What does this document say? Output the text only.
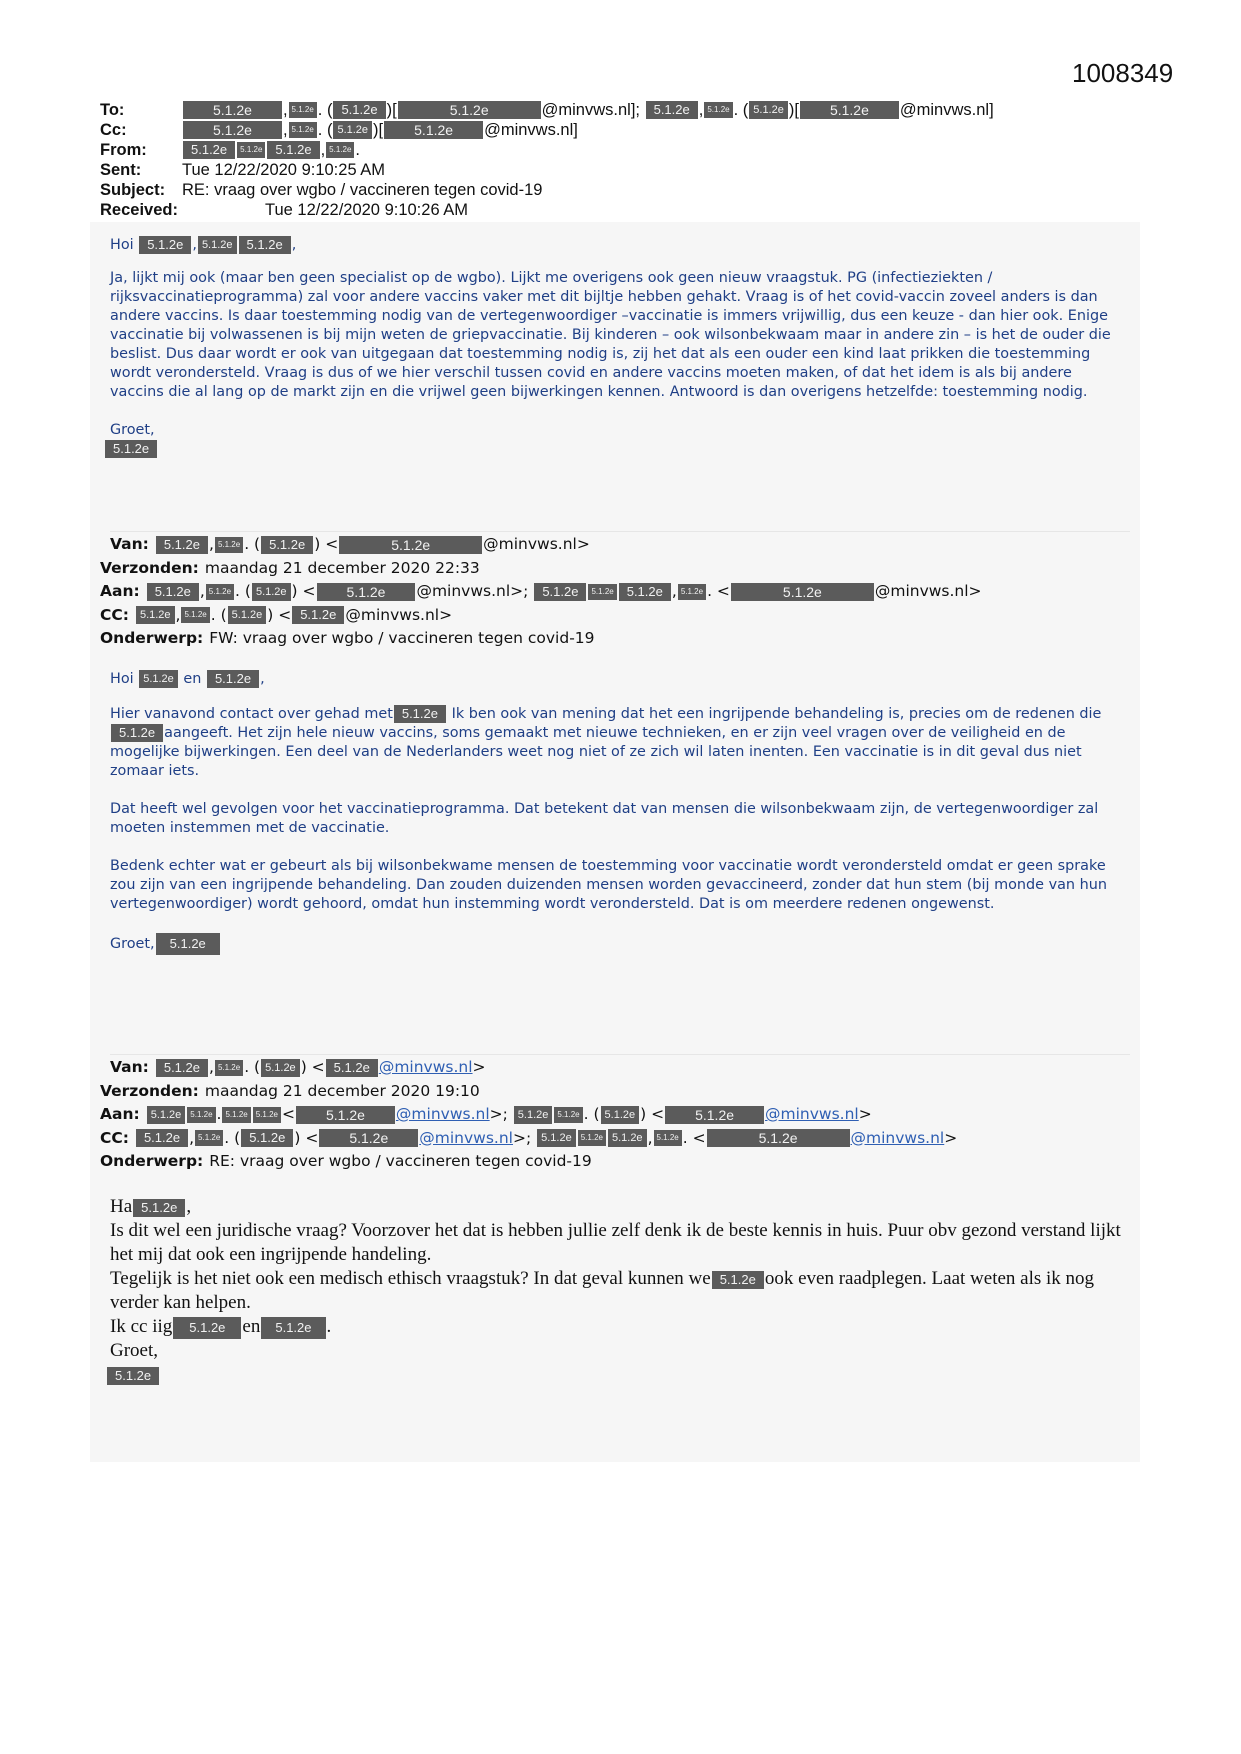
1008349
To:	5.1.2e	, 5.1.2e . ( 5.1.2e )[	5.1.2e	@minvws.nl];
	5.1.2e , 5.1.2e . ( 5.1.2e )[	5.1.2e	@minvws.nl]
Cc:	5.1.2e	, 5.1.2e . ( 5.1.2e )[	5.1.2e	@minvws.nl]
From:	5.1.2e	5.1.2e	5.1.2e , 5.1.2e .
Sent:	Tue 12/22/2020 9:10:25 AM
Subject:	RE: vraag over wgbo / vaccineren tegen covid-19
Received:	Tue 12/22/2020 9:10:26 AM

Hoi 5.1.2e , 5.1.2e 5.1.2e ,

Ja, lijkt mij ook (maar ben geen specialist op de wgbo). Lijkt me overigens ook geen nieuw vraagstuk. PG (infectieziekten / rijksvaccinatieprogramma) zal voor andere vaccins vaker met dit bijltje hebben gehakt. Vraag is of het covid-vaccin zoveel anders is dan andere vaccins. Is daar toestemming nodig van de vertegenwoordiger –vaccinatie is immers vrijwillig, dus een keuze - dan hier ook. Enige vaccinatie bij volwassenen is bij mijn weten de griepvaccinatie. Bij kinderen – ook wilsonbekwaam maar in andere zin – is het de ouder die beslist. Dus daar wordt er ook van uitgegaan dat toestemming nodig is, zij het dat als een ouder een kind laat prikken die toestemming wordt verondersteld. Vraag is dus of we hier verschil tussen covid en andere vaccins moeten maken, of dat het idem is als bij andere vaccins die al lang op de markt zijn en die vrijwel geen bijwerkingen kennen. Antwoord is dan overigens hetzelfde: toestemming nodig.

Groet,

5.1.2e

Van:	5.1.2e , 5.1.2e . ( 5.1.2e ) <	5.1.2e	@minvws.nl>
Verzonden: maandag 21 december 2020 22:33
Aan:	5.1.2e , 5.1.2e . ( 5.1.2e ) <	5.1.2e	@minvws.nl>;
	5.1.2e	5.1.2e	5.1.2e , 5.1.2e . <	5.1.2e	@minvws.nl>
CC:	5.1.2e , 5.1.2e . ( 5.1.2e ) < 5.1.2e @minvws.nl>
Onderwerp: FW: vraag over wgbo / vaccineren tegen covid-19

Hoi 5.1.2e en 5.1.2e ,

Hier vanavond contact over gehad met 5.1.2e Ik ben ook van mening dat het een ingrijpende behandeling is, precies om de redenen die5.1.2e aangeeft. Het zijn hele nieuw vaccins, soms gemaakt met nieuwe technieken, en er zijn veel vragen over de veiligheid en de mogelijke bijwerkingen. Een deel van de Nederlanders weet nog niet of ze zich wil laten inenten. Een vaccinatie is in dit geval dus niet zomaar iets.

Dat heeft wel gevolgen voor het vaccinatieprogramma. Dat betekent dat van mensen die wilsonbekwaam zijn, de vertegenwoordiger zal moeten instemmen met de vaccinatie.

Bedenk echter wat er gebeurt als bij wilsonbekwame mensen de toestemming voor vaccinatie wordt verondersteld omdat er geen sprake zou zijn van een ingrijpende behandeling. Dan zouden duizenden mensen worden gevaccineerd, zonder dat hun stem (bij monde van hun vertegenwoordiger) wordt gehoord, omdat hun instemming wordt verondersteld. Dat is om meerdere redenen ongewenst.

Groet, 5.1.2e

Van:	5.1.2e , 5.1.2e . ( 5.1.2e ) < 5.1.2e @minvws.nl >
Verzonden: maandag 21 december 2020 19:10
Aan:	5.1.2e	5.1.2e . 5.1.2e	5.1.2e <	5.1.2e	@minvws.nl >; 5.1.2e	5.1.2e . ( 5.1.2e ) <	5.1.2e	@minvws.nl >
CC:	5.1.2e , 5.1.2e . ( 5.1.2e ) <	5.1.2e	@minvws.nl >; 5.1.2e	5.1.2e 5.1.2e , 5.1.2e . <	5.1.2e	@minvws.nl >
Onderwerp: RE: vraag over wgbo / vaccineren tegen covid-19

Ha 5.1.2e ,

Is dit wel een juridische vraag? Voorzover het dat is hebben jullie zelf denk ik de beste kennis in huis. Puur obv gezond verstand lijkt het mij dat ook een ingrijpende handeling.

Tegelijk is het niet ook een medisch ethisch vraagstuk? In dat geval kunnen we 5.1.2e ook even raadplegen. Laat weten als ik nog verder kan helpen.

Ik cc iig 5.1.2e en 5.1.2e .

Groet,

5.1.2e
